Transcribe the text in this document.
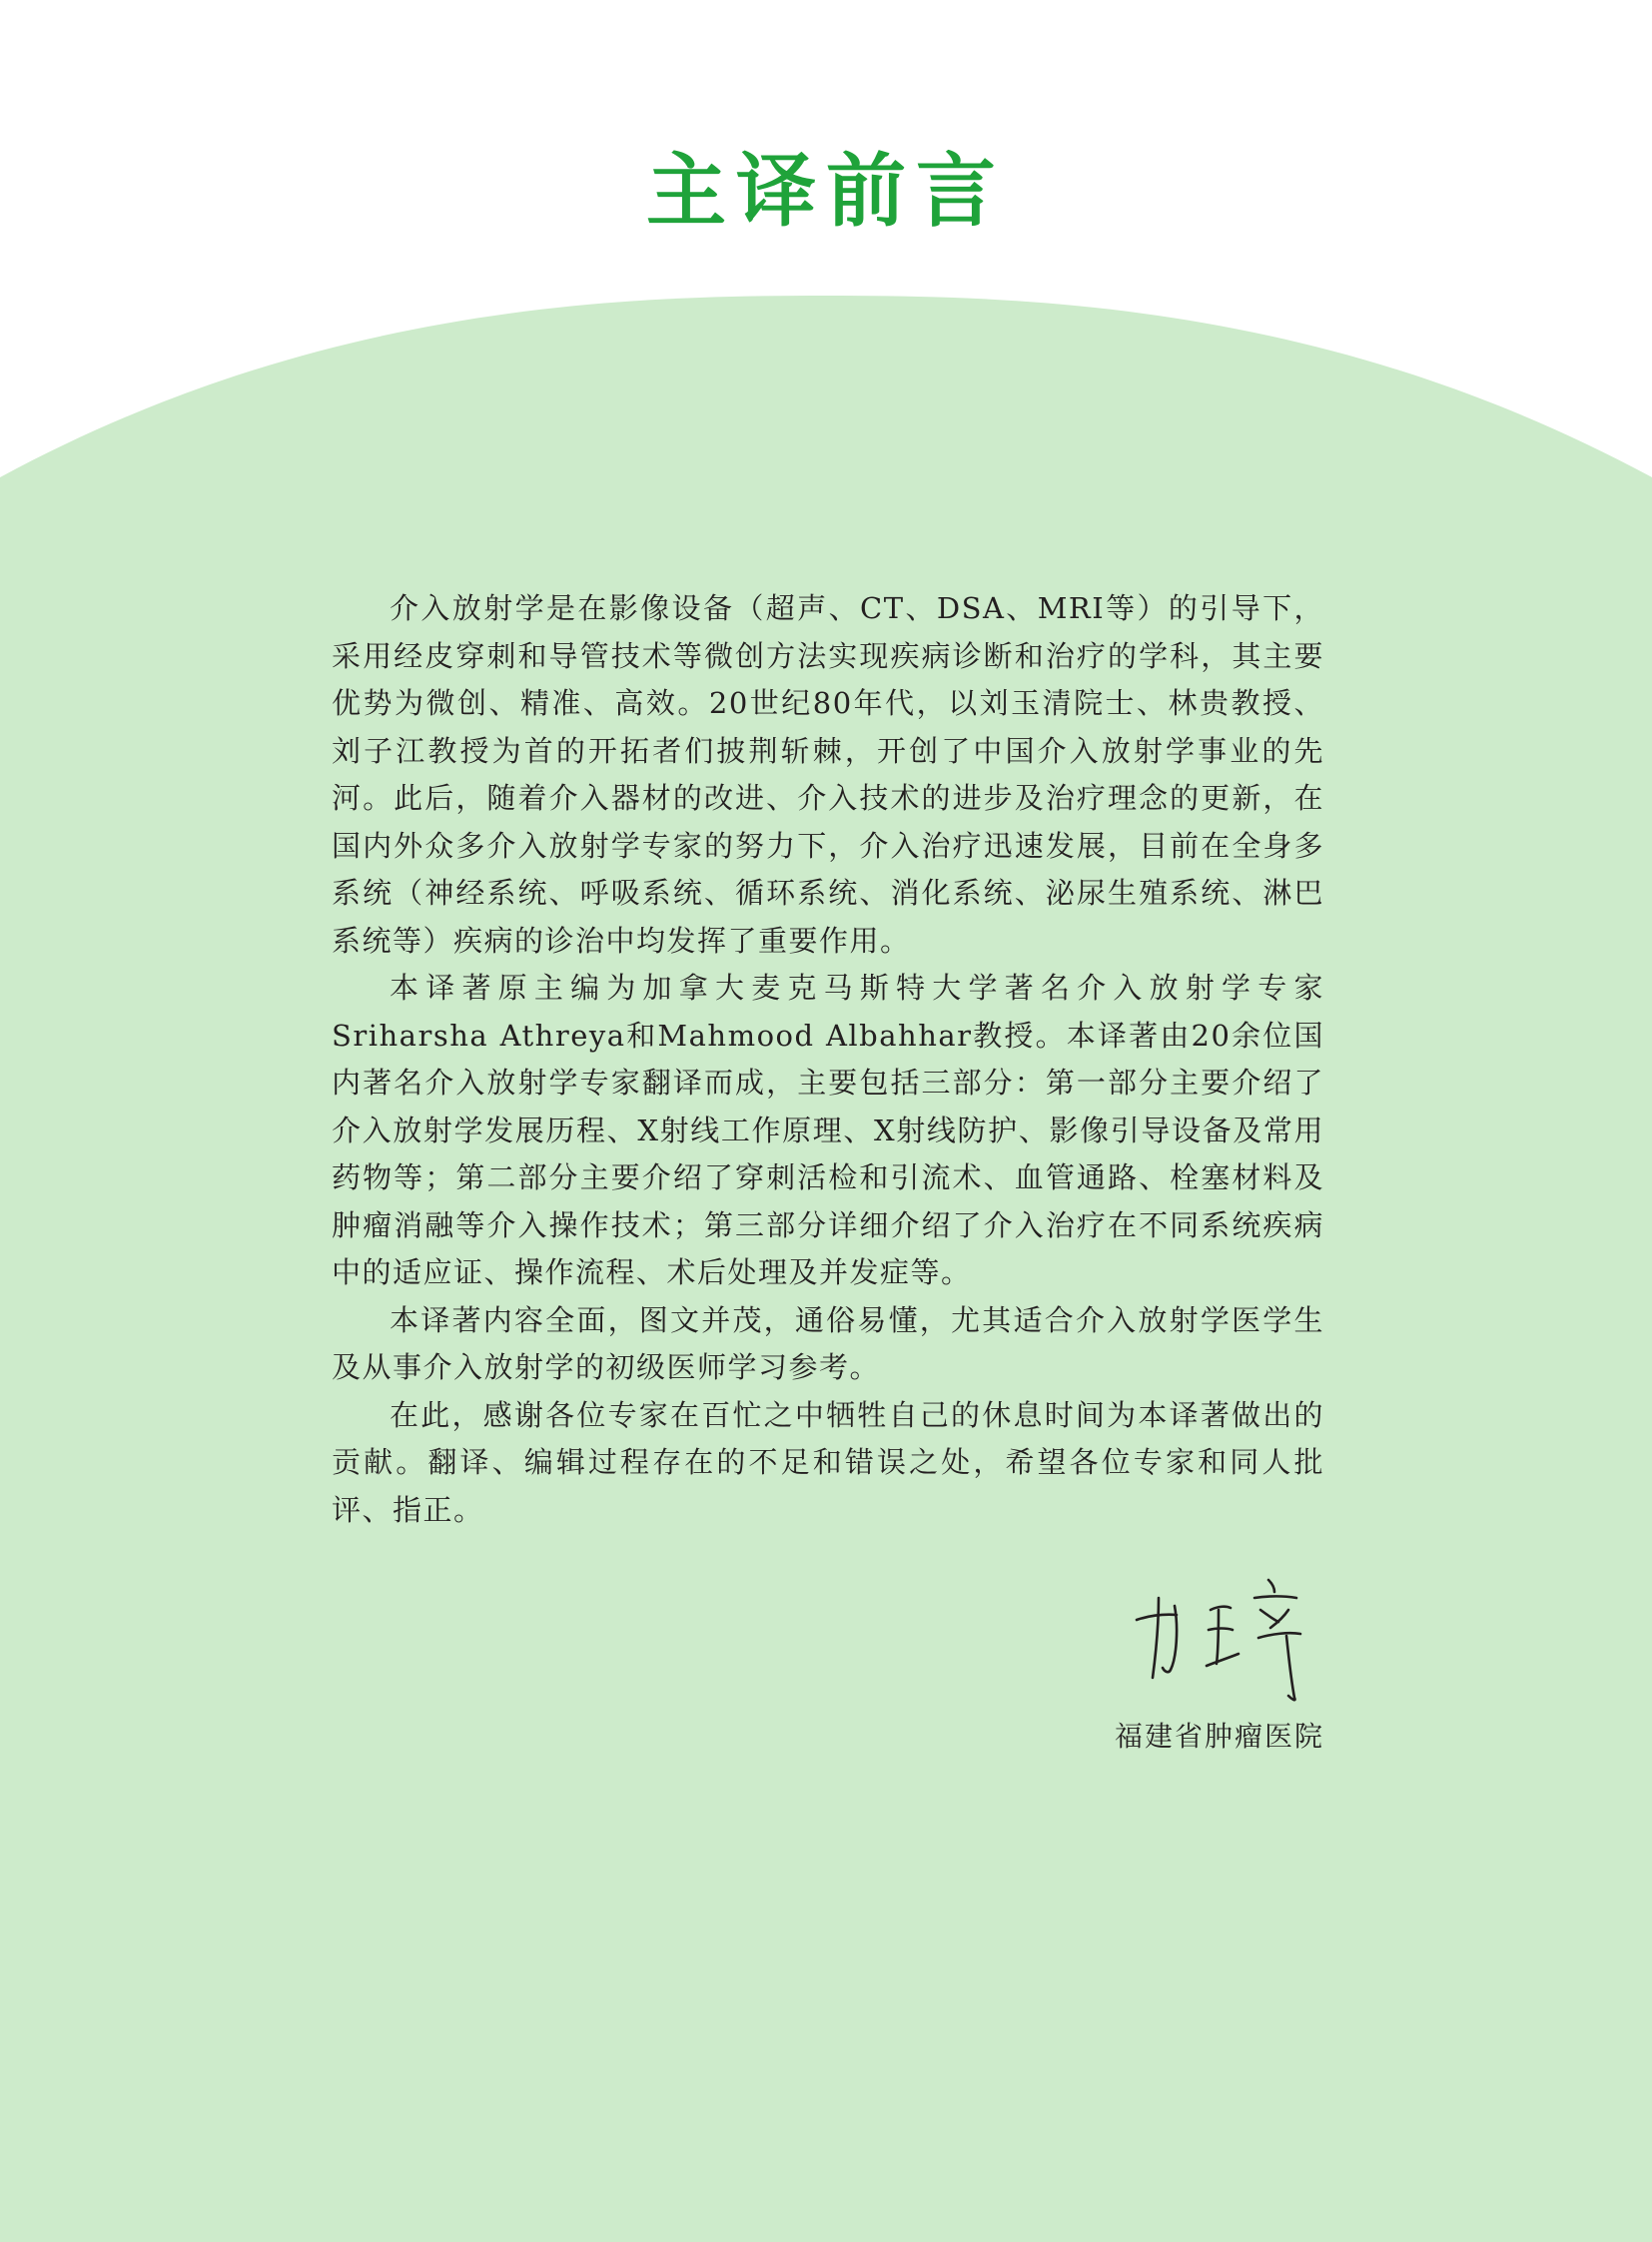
主译前言

介入放射学是在影像设备（超声、CT、DSA、MRI等）的引导下，采用经皮穿刺和导管技术等微创方法实现疾病诊断和治疗的学科，其主要优势为微创、精准、高效。20世纪80年代，以刘玉清院士、林贵教授、刘子江教授为首的开拓者们披荆斩棘，开创了中国介入放射学事业的先河。此后，随着介入器材的改进、介入技术的进步及治疗理念的更新，在国内外众多介入放射学专家的努力下，介入治疗迅速发展，目前在全身多系统（神经系统、呼吸系统、循环系统、消化系统、泌尿生殖系统、淋巴系统等）疾病的诊治中均发挥了重要作用。

本译著原主编为加拿大麦克马斯特大学著名介入放射学专家Sriharsha Athreya和Mahmood Albahhar教授。本译著由20余位国内著名介入放射学专家翻译而成，主要包括三部分：第一部分主要介绍了介入放射学发展历程、X射线工作原理、X射线防护、影像引导设备及常用药物等；第二部分主要介绍了穿刺活检和引流术、血管通路、栓塞材料及肿瘤消融等介入操作技术；第三部分详细介绍了介入治疗在不同系统疾病中的适应证、操作流程、术后处理及并发症等。

本译著内容全面，图文并茂，通俗易懂，尤其适合介入放射学医学生及从事介入放射学的初级医师学习参考。

在此，感谢各位专家在百忙之中牺牲自己的休息时间为本译著做出的贡献。翻译、编辑过程存在的不足和错误之处，希望各位专家和同人批评、指正。

福建省肿瘤医院
